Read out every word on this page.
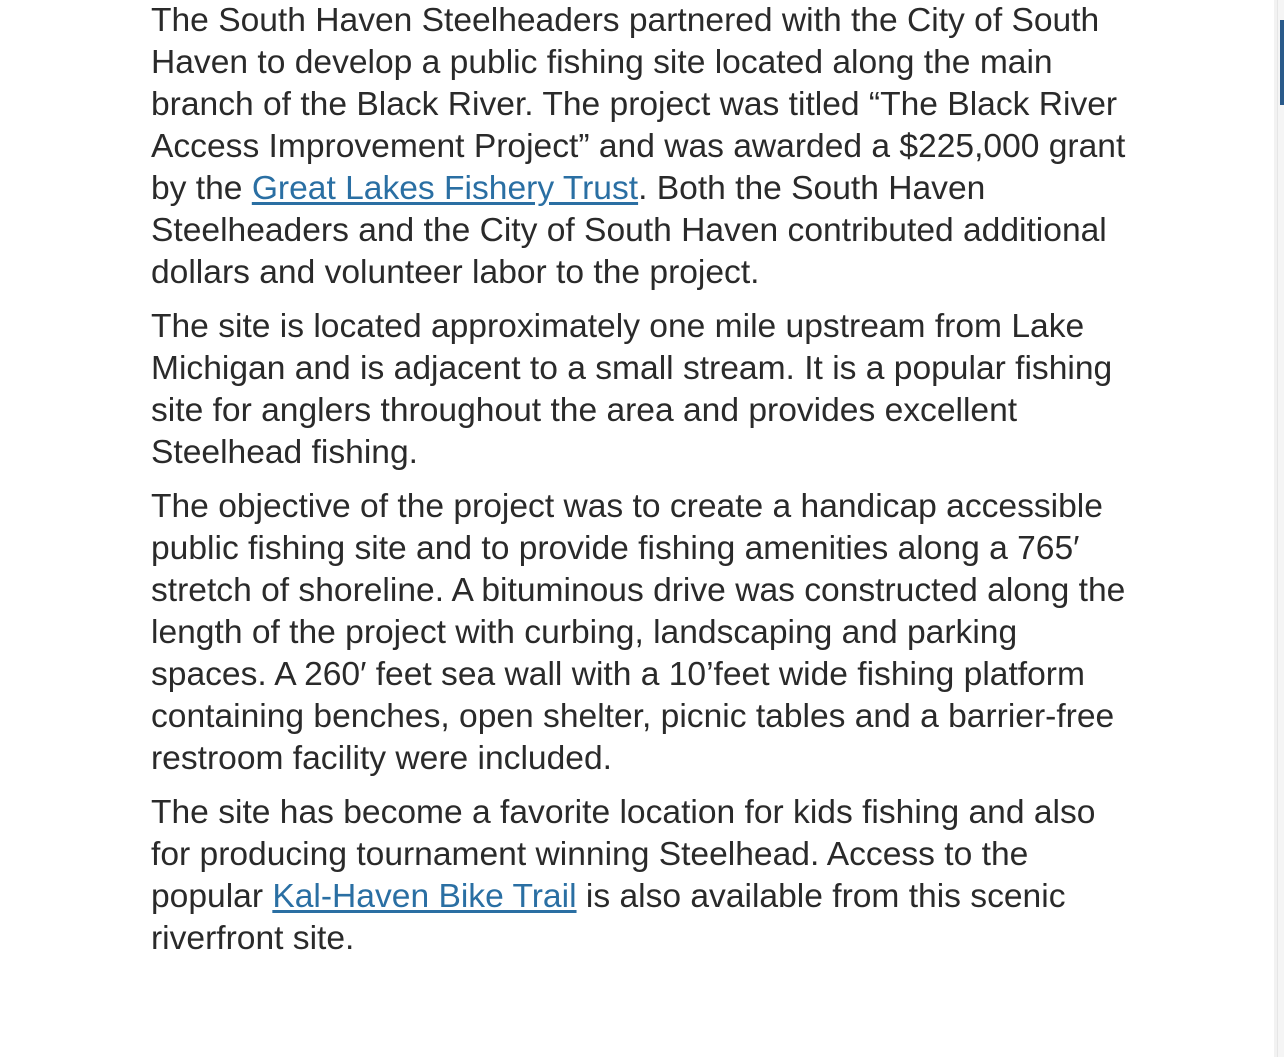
The South Haven Steelheaders partnered with the City of South Haven to develop a public fishing site located along the main branch of the Black River. The project was titled “The Black River Access Improvement Project” and was awarded a $225,000 grant by the Great Lakes Fishery Trust. Both the South Haven Steelheaders and the City of South Haven contributed additional dollars and volunteer labor to the project.

The site is located approximately one mile upstream from Lake Michigan and is adjacent to a small stream. It is a popular fishing site for anglers throughout the area and provides excellent Steelhead fishing.

The objective of the project was to create a handicap accessible public fishing site and to provide fishing amenities along a 765′ stretch of shoreline. A bituminous drive was constructed along the length of the project with curbing, landscaping and parking spaces. A 260′ feet sea wall with a 10’feet wide fishing platform containing benches, open shelter, picnic tables and a barrier-free restroom facility were included.

The site has become a favorite location for kids fishing and also for producing tournament winning Steelhead. Access to the popular Kal-Haven Bike Trail is also available from this scenic riverfront site.
